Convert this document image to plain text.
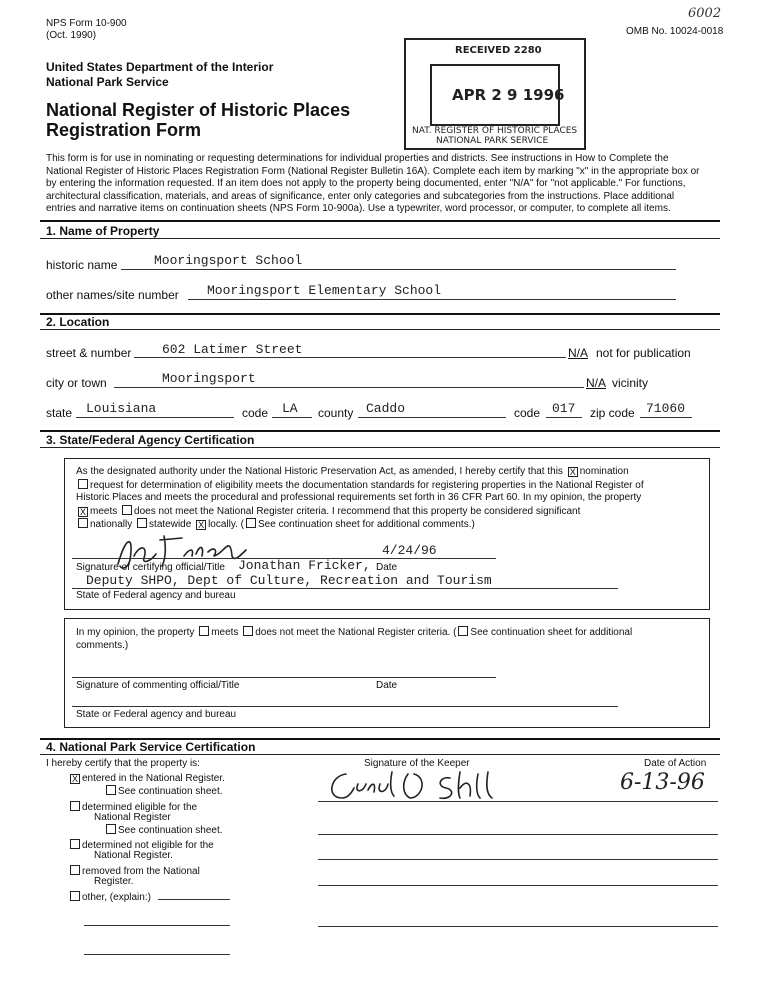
NPS Form 10-900
(Oct. 1990)	OMB No. 10024-0018
6002
United States Department of the Interior
National Park Service
National Register of Historic Places
Registration Form
RECEIVED 2280
APR 2 9 1996
NAT. REGISTER OF HISTORIC PLACES
NATIONAL PARK SERVICE
This form is for use in nominating or requesting determinations for individual properties and districts. See instructions in How to Complete the
National Register of Historic Places Registration Form (National Register Bulletin 16A). Complete each item by marking "x" in the appropriate box or
by entering the information requested. If an item does not apply to the property being documented, enter "N/A" for "not applicable." For functions,
architectural classification, materials, and areas of significance, enter only categories and subcategories from the instructions. Place additional
entries and narrative items on continuation sheets (NPS Form 10-900a). Use a typewriter, word processor, or computer, to complete all items.
1. Name of Property
historic name	Mooringsport School
other names/site number Mooringsport Elementary School
2. Location
street & number 602 Latimer Street	N/A not for publication
city or town	Mooringsport	N/A vicinity
state Louisiana	code LA county Caddo	code 017 zip code 71060
3. State/Federal Agency Certification
As the designated authority under the National Historic Preservation Act, as amended, I hereby certify that this X nomination
request for determination of eligibility meets the documentation standards for registering properties in the National Register of
Historic Places and meets the procedural and professional requirements set forth in 36 CFR Part 60. In my opinion, the property
X meets does not meet the National Register criteria. I recommend that this property be considered significant
nationally statewide X locally. ( See continuation sheet for additional comments.)
4/24/96
Signature of certifying official/Title Jonathan Fricker, Date
Deputy SHPO, Dept of Culture, Recreation and Tourism
State of Federal agency and bureau
In my opinion, the property meets does not meet the National Register criteria. ( See continuation sheet for additional
comments.)
Signature of commenting official/Title	Date
State or Federal agency and bureau
4. National Park Service Certification
I hereby certify that the property is:	Signature of the Keeper	Date of Action
6-13-96
X entered in the National Register.
See continuation sheet.
determined eligible for the
National Register
See continuation sheet.
determined not eligible for the
National Register.
removed from the National
Register.
other, (explain:)
